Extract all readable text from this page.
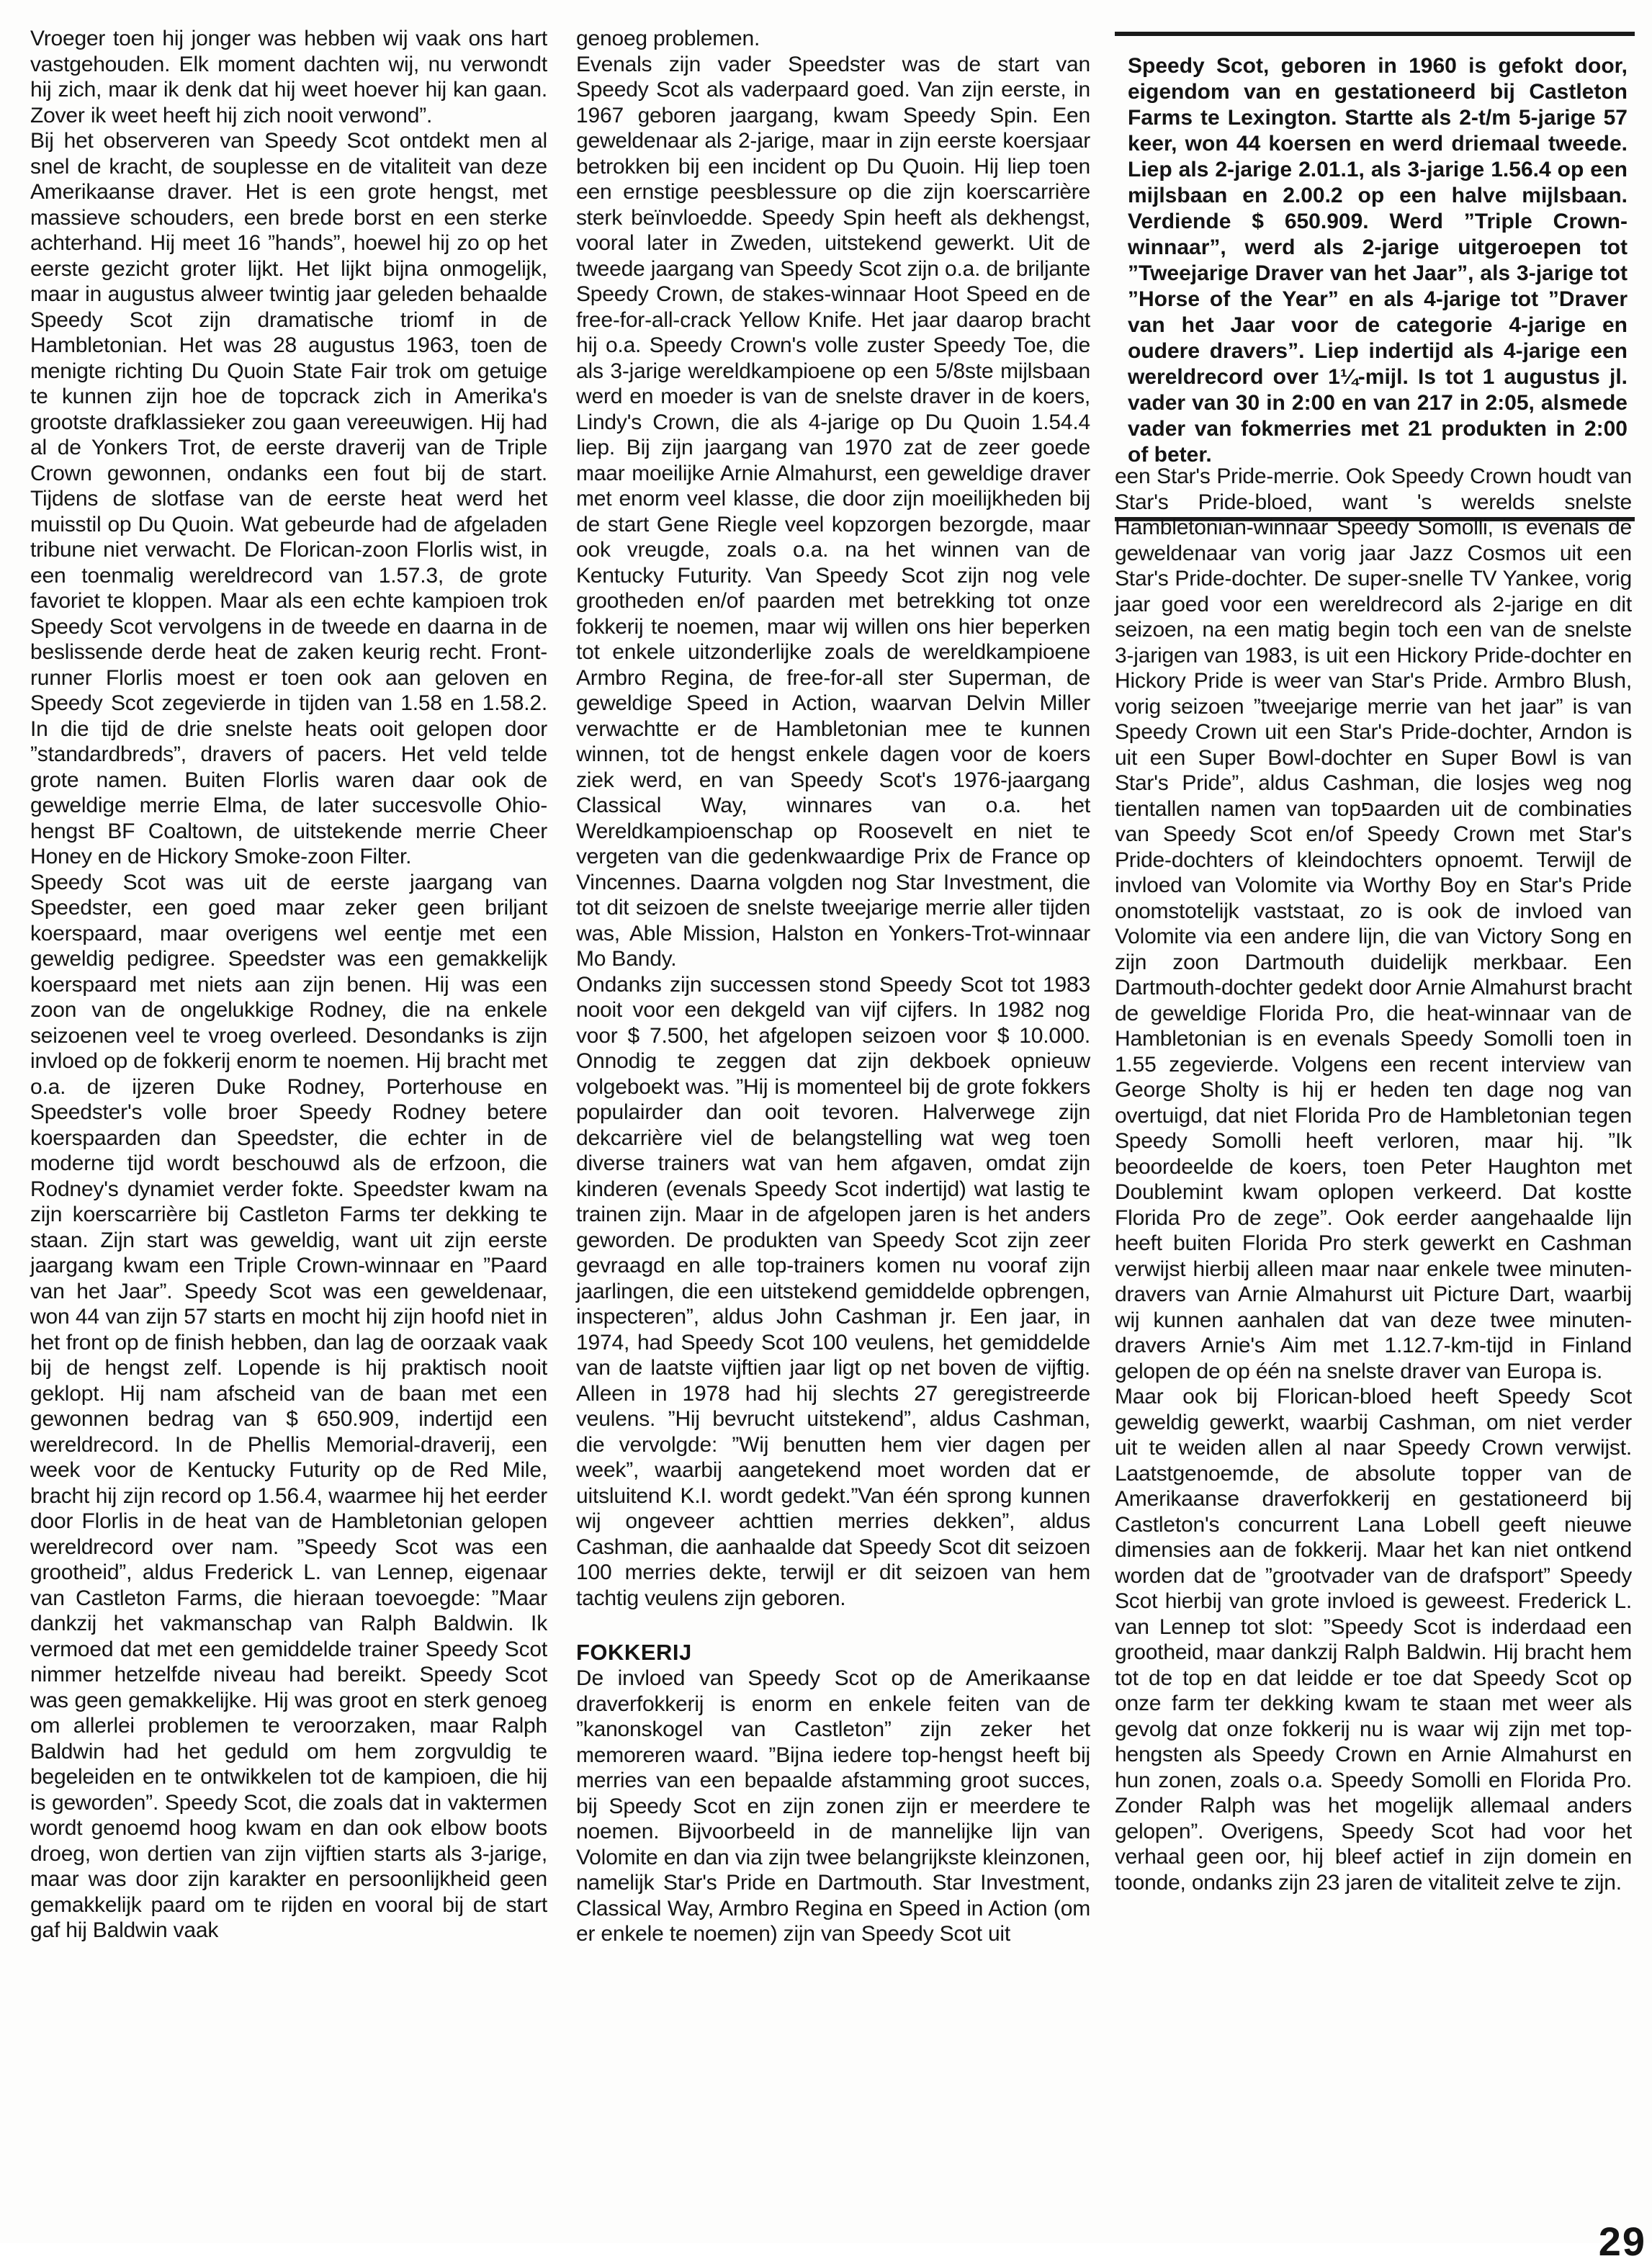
Vroeger toen hij jonger was hebben wij vaak ons hart vastgehouden. Elk moment dachten wij, nu verwondt hij zich, maar ik denk dat hij weet hoever hij kan gaan. Zover ik weet heeft hij zich nooit verwond”.

Bij het observeren van Speedy Scot ontdekt men al snel de kracht, de souplesse en de vitaliteit van deze Amerikaanse draver. Het is een grote hengst, met massieve schouders, een brede borst en een sterke achterhand. Hij meet 16 ”hands”, hoewel hij zo op het eerste gezicht groter lijkt. Het lijkt bijna onmogelijk, maar in augustus alweer twintig jaar geleden behaalde Speedy Scot zijn dramatische triomf in de Hambletonian. Het was 28 augustus 1963, toen de menigte richting Du Quoin State Fair trok om getuige te kunnen zijn hoe de topcrack zich in Amerika's grootste drafklassieker zou gaan vereeuwigen. Hij had al de Yonkers Trot, de eerste draverij van de Triple Crown gewonnen, ondanks een fout bij de start. Tijdens de slotfase van de eerste heat werd het muisstil op Du Quoin. Wat gebeurde had de afgeladen tribune niet verwacht. De Florican-zoon Florlis wist, in een toenmalig wereldrecord van 1.57.3, de grote favoriet te kloppen. Maar als een echte kampioen trok Speedy Scot vervolgens in de tweede en daarna in de beslissende derde heat de zaken keurig recht. Front-runner Florlis moest er toen ook aan geloven en Speedy Scot zegevierde in tijden van 1.58 en 1.58.2. In die tijd de drie snelste heats ooit gelopen door ”standardbreds”, dravers of pacers. Het veld telde grote namen. Buiten Florlis waren daar ook de geweldige merrie Elma, de later succesvolle Ohio-hengst BF Coaltown, de uitstekende merrie Cheer Honey en de Hickory Smoke-zoon Filter.

Speedy Scot was uit de eerste jaargang van Speedster, een goed maar zeker geen briljant koerspaard, maar overigens wel eentje met een geweldig pedigree. Speedster was een gemakkelijk koerspaard met niets aan zijn benen. Hij was een zoon van de ongelukkige Rodney, die na enkele seizoenen veel te vroeg overleed. Desondanks is zijn invloed op de fokkerij enorm te noemen. Hij bracht met o.a. de ijzeren Duke Rodney, Porterhouse en Speedster's volle broer Speedy Rodney betere koerspaarden dan Speedster, die echter in de moderne tijd wordt beschouwd als de erfzoon, die Rodney's dynamiet verder fokte. Speedster kwam na zijn koerscarrière bij Castleton Farms ter dekking te staan. Zijn start was geweldig, want uit zijn eerste jaargang kwam een Triple Crown-winnaar en ”Paard van het Jaar”. Speedy Scot was een geweldenaar, won 44 van zijn 57 starts en mocht hij zijn hoofd niet in het front op de finish hebben, dan lag de oorzaak vaak bij de hengst zelf. Lopende is hij praktisch nooit geklopt. Hij nam afscheid van de baan met een gewonnen bedrag van $ 650.909, indertijd een wereldrecord. In de Phellis Memorial-draverij, een week voor de Kentucky Futurity op de Red Mile, bracht hij zijn record op 1.56.4, waarmee hij het eerder door Florlis in de heat van de Hambletonian gelopen wereldrecord over nam. ”Speedy Scot was een grootheid”, aldus Frederick L. van Lennep, eigenaar van Castleton Farms, die hieraan toevoegde: ”Maar dankzij het vakmanschap van Ralph Baldwin. Ik vermoed dat met een gemiddelde trainer Speedy Scot nimmer hetzelfde niveau had bereikt. Speedy Scot was geen gemakkelijke. Hij was groot en sterk genoeg om allerlei problemen te veroorzaken, maar Ralph Baldwin had het geduld om hem zorgvuldig te begeleiden en te ontwikkelen tot de kampioen, die hij is geworden”. Speedy Scot, die zoals dat in vaktermen wordt genoemd hoog kwam en dan ook elbow boots droeg, won dertien van zijn vijftien starts als 3-jarige, maar was door zijn karakter en persoonlijkheid geen gemakkelijk paard om te rijden en vooral bij de start gaf hij Baldwin vaak

genoeg problemen.

Evenals zijn vader Speedster was de start van Speedy Scot als vaderpaard goed. Van zijn eerste, in 1967 geboren jaargang, kwam Speedy Spin. Een geweldenaar als 2-jarige, maar in zijn eerste koersjaar betrokken bij een incident op Du Quoin. Hij liep toen een ernstige peesblessure op die zijn koerscarrière sterk beïnvloedde. Speedy Spin heeft als dekhengst, vooral later in Zweden, uitstekend gewerkt. Uit de tweede jaargang van Speedy Scot zijn o.a. de briljante Speedy Crown, de stakes-winnaar Hoot Speed en de free-for-all-crack Yellow Knife. Het jaar daarop bracht hij o.a. Speedy Crown's volle zuster Speedy Toe, die als 3-jarige wereldkampioene op een 5/8ste mijlsbaan werd en moeder is van de snelste draver in de koers, Lindy's Crown, die als 4-jarige op Du Quoin 1.54.4 liep. Bij zijn jaargang van 1970 zat de zeer goede maar moeilijke Arnie Almahurst, een geweldige draver met enorm veel klasse, die door zijn moeilijkheden bij de start Gene Riegle veel kopzorgen bezorgde, maar ook vreugde, zoals o.a. na het winnen van de Kentucky Futurity. Van Speedy Scot zijn nog vele grootheden en/of paarden met betrekking tot onze fokkerij te noemen, maar wij willen ons hier beperken tot enkele uitzonderlijke zoals de wereldkampioene Armbro Regina, de free-for-all ster Superman, de geweldige Speed in Action, waarvan Delvin Miller verwachtte er de Hambletonian mee te kunnen winnen, tot de hengst enkele dagen voor de koers ziek werd, en van Speedy Scot's 1976-jaargang Classical Way, winnares van o.a. het Wereldkampioenschap op Roosevelt en niet te vergeten van die gedenkwaardige Prix de France op Vincennes. Daarna volgden nog Star Investment, die tot dit seizoen de snelste tweejarige merrie aller tijden was, Able Mission, Halston en Yonkers-Trot-winnaar Mo Bandy.

Ondanks zijn successen stond Speedy Scot tot 1983 nooit voor een dekgeld van vijf cijfers. In 1982 nog voor $ 7.500, het afgelopen seizoen voor $ 10.000. Onnodig te zeggen dat zijn dekboek opnieuw volgeboekt was. ”Hij is momenteel bij de grote fokkers populairder dan ooit tevoren. Halverwege zijn dekcarrière viel de belangstelling wat weg toen diverse trainers wat van hem afgaven, omdat zijn kinderen (evenals Speedy Scot indertijd) wat lastig te trainen zijn. Maar in de afgelopen jaren is het anders geworden. De produkten van Speedy Scot zijn zeer gevraagd en alle top-trainers komen nu vooraf zijn jaarlingen, die een uitstekend gemiddelde opbrengen, inspecteren”, aldus John Cashman jr. Een jaar, in 1974, had Speedy Scot 100 veulens, het gemiddelde van de laatste vijftien jaar ligt op net boven de vijftig. Alleen in 1978 had hij slechts 27 geregistreerde veulens. ”Hij bevrucht uitstekend”, aldus Cashman, die vervolgde: ”Wij benutten hem vier dagen per week”, waarbij aangetekend moet worden dat er uitsluitend K.I. wordt gedekt.”Van één sprong kunnen wij ongeveer achttien merries dekken”, aldus Cashman, die aanhaalde dat Speedy Scot dit seizoen 100 merries dekte, terwijl er dit seizoen van hem tachtig veulens zijn geboren.

FOKKERIJ

De invloed van Speedy Scot op de Amerikaanse draverfokkerij is enorm en enkele feiten van de ”kanonskogel van Castleton” zijn zeker het memoreren waard. ”Bijna iedere top-hengst heeft bij merries van een bepaalde afstamming groot succes, bij Speedy Scot en zijn zonen zijn er meerdere te noemen. Bijvoorbeeld in de mannelijke lijn van Volomite en dan via zijn twee belangrijkste kleinzonen, namelijk Star's Pride en Dartmouth. Star Investment, Classical Way, Armbro Regina en Speed in Action (om er enkele te noemen) zijn van Speedy Scot uit

Speedy Scot, geboren in 1960 is gefokt door, eigendom van en gestationeerd bij Castleton Farms te Lexington. Startte als 2-t/m 5-jarige 57 keer, won 44 koersen en werd driemaal tweede. Liep als 2-jarige 2.01.1, als 3-jarige 1.56.4 op een mijlsbaan en 2.00.2 op een halve mijlsbaan. Verdiende $ 650.909. Werd ”Triple Crown-winnaar”, werd als 2-jarige uitgeroepen tot ”Tweejarige Draver van het Jaar”, als 3-jarige tot ”Horse of the Year” en als 4-jarige tot ”Draver van het Jaar voor de categorie 4-jarige en oudere dravers”. Liep indertijd als 4-jarige een wereldrecord over 1¼-mijl. Is tot 1 augustus jl. vader van 30 in 2:00 en van 217 in 2:05, alsmede vader van fokmerries met 21 produkten in 2:00 of beter.

een Star's Pride-merrie. Ook Speedy Crown houdt van Star's Pride-bloed, want 's werelds snelste Hambletonian-winnaar Speedy Somolli, is evenals de geweldenaar van vorig jaar Jazz Cosmos uit een Star's Pride-dochter. De super-snelle TV Yankee, vorig jaar goed voor een wereldrecord als 2-jarige en dit seizoen, na een matig begin toch een van de snelste 3-jarigen van 1983, is uit een Hickory Pride-dochter en Hickory Pride is weer van Star's Pride. Armbro Blush, vorig seizoen ”tweejarige merrie van het jaar” is van Speedy Crown uit een Star's Pride-dochter, Arndon is uit een Super Bowl-dochter en Super Bowl is van Star's Pride”, aldus Cashman, die losjes weg nog tientallen namen van topפaarden uit de combinaties van Speedy Scot en/of Speedy Crown met Star's Pride-dochters of kleindochters opnoemt. Terwijl de invloed van Volomite via Worthy Boy en Star's Pride onomstotelijk vaststaat, zo is ook de invloed van Volomite via een andere lijn, die van Victory Song en zijn zoon Dartmouth duidelijk merkbaar. Een Dartmouth-dochter gedekt door Arnie Almahurst bracht de geweldige Florida Pro, die heat-winnaar van de Hambletonian is en evenals Speedy Somolli toen in 1.55 zegevierde. Volgens een recent interview van George Sholty is hij er heden ten dage nog van overtuigd, dat niet Florida Pro de Hambletonian tegen Speedy Somolli heeft verloren, maar hij. ”Ik beoordeelde de koers, toen Peter Haughton met Doublemint kwam oplopen verkeerd. Dat kostte Florida Pro de zege”. Ook eerder aangehaalde lijn heeft buiten Florida Pro sterk gewerkt en Cashman verwijst hierbij alleen maar naar enkele twee minuten-dravers van Arnie Almahurst uit Picture Dart, waarbij wij kunnen aanhalen dat van deze twee minuten-dravers Arnie's Aim met 1.12.7-km-tijd in Finland gelopen de op één na snelste draver van Europa is.

Maar ook bij Florican-bloed heeft Speedy Scot geweldig gewerkt, waarbij Cashman, om niet verder uit te weiden allen al naar Speedy Crown verwijst. Laatstgenoemde, de absolute topper van de Amerikaanse draverfokkerij en gestationeerd bij Castleton's concurrent Lana Lobell geeft nieuwe dimensies aan de fokkerij. Maar het kan niet ontkend worden dat de ”grootvader van de drafsport” Speedy Scot hierbij van grote invloed is geweest. Frederick L. van Lennep tot slot: ”Speedy Scot is inderdaad een grootheid, maar dankzij Ralph Baldwin. Hij bracht hem tot de top en dat leidde er toe dat Speedy Scot op onze farm ter dekking kwam te staan met weer als gevolg dat onze fokkerij nu is waar wij zijn met top-hengsten als Speedy Crown en Arnie Almahurst en hun zonen, zoals o.a. Speedy Somolli en Florida Pro. Zonder Ralph was het mogelijk allemaal anders gelopen”. Overigens, Speedy Scot had voor het verhaal geen oor, hij bleef actief in zijn domein en toonde, ondanks zijn 23 jaren de vitaliteit zelve te zijn.

29
